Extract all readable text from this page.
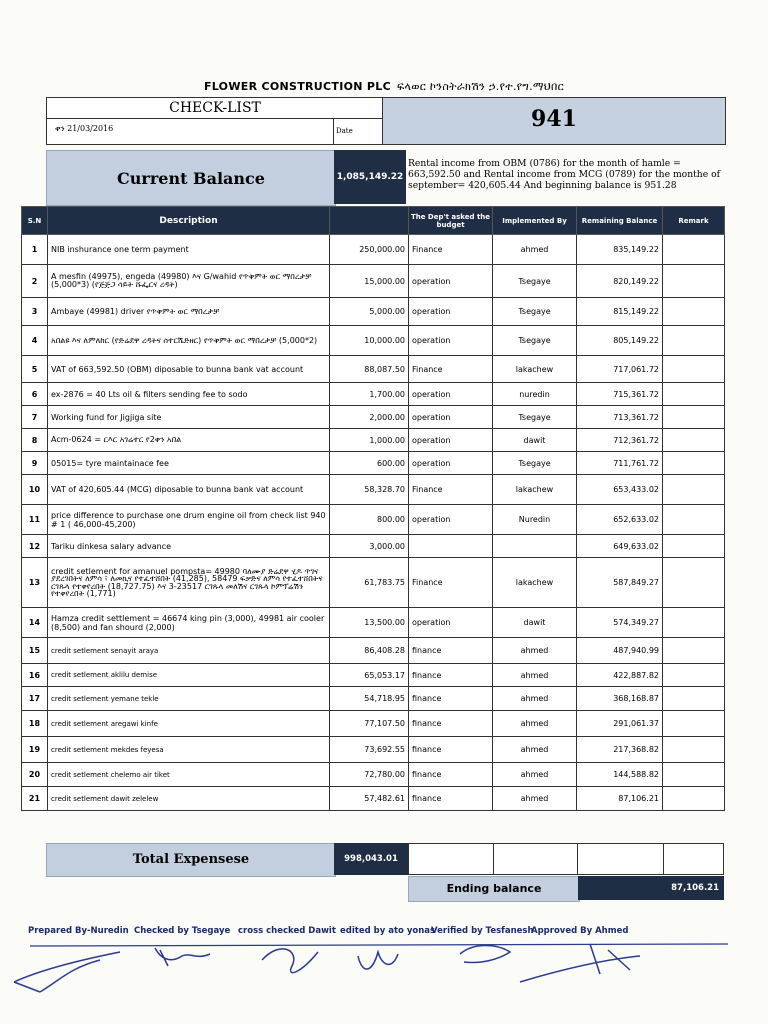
FLOWER CONSTRUCTION PLC ፍላወር ኮንስትራክሽን ኃ.የተ.የግ.ማህበር
CHECK-LIST
ቀን 21/03/2016	Date	941
Current Balance	1,085,149.22
Rental income from OBM (0786) for the month of hamle = 663,592.50 and Rental income from MCG (0789) for the monthe of september= 420,605.44 And beginning balance is 951.28
S.N	Description		The Dep't asked the budget	Implemented By	Remaining Balance	Remark
1	NIB inshurance one term payment	250,000.00	Finance	ahmed	835,149.22	
2	A mesfin (49975), engeda (49980) እና G/wahid የጥቅምት ወር ማበረታቻ (5,000*3) (የጅጅጋ ሳይት ሹፌርና ረዳት)	15,000.00	operation	Tsegaye	820,149.22	
3	Ambaye (49981) driver የጥቅምት ወር ማበረታቻ	5,000.00	operation	Tsegaye	815,149.22	
4	አበልዩ እና ለምለከር (የድሬደዋ ረዳትና ሰተርሼድዘር) የጥቅምት ወር ማበረታቻ (5,000*2)	10,000.00	operation	Tsegaye	805,149.22	
5	VAT of 663,592.50 (OBM) diposable to bunna bank vat account	88,087.50	Finance	lakachew	717,061.72	
6	ex-2876 = 40 Lts oil & filters sending fee to sodo	1,700.00	operation	nuredin	715,361.72	
7	Working fund for Jigjiga site	2,000.00	operation	Tsegaye	713,361.72	
8	Acm-0624 = ርእር አገሬተር የ2ቀን አበል	1,000.00	operation	dawit	712,361.72	
9	05015= tyre maintainace fee	600.00	operation	Tsegaye	711,761.72	
10	VAT of 420,605.44 (MCG) diposable to bunna bank vat account	58,328.70	Finance	lakachew	653,433.02	
11	price difference to purchase one drum engine oil from check list 940 # 1 ( 46,000-45,200)	800.00	operation	Nuredin	652,633.02	
12	Tariku dinkesa salary advance	3,000.00			649,633.02	
13	credit setlement for amanuel pompsta= 49980 ባለሙያ ድሬደዋ ሂዶ ጥገና ያደረገበትና ለምሳ ፣ ለመኪና የተፈተሸበት (41,285), 58479 ፍቃድና ለምሳ የተፈተሸበትና ርገጹላ የተቀየረበት (18,727.75) እና 3-23517 ርገጹላ መለሽና ርገጹላ ኮምፕሬሽን የተቀየረበት (1,771)	61,783.75	Finance	lakachew	587,849.27	
14	Hamza credit settlement = 46674 king pin (3,000), 49981 air cooler (8,500) and fan shourd (2,000)	13,500.00	operation	dawit	574,349.27	
15	credit setlement senayit araya	86,408.28	finance	ahmed	487,940.99	
16	credit setlement aklilu demise	65,053.17	finance	ahmed	422,887.82	
17	credit setlement yemane tekle	54,718.95	finance	ahmed	368,168.87	
18	credit setlement aregawi kinfe	77,107.50	finance	ahmed	291,061.37	
19	credit setlement mekdes feyesa	73,692.55	finance	ahmed	217,368.82	
20	credit setlement chelemo air tiket	72,780.00	finance	ahmed	144,588.82	
21	credit setlement dawit zelelew	57,482.61	finance	ahmed	87,106.21	
Total Expensese	998,043.01
Ending balance	87,106.21
Prepared By-Nuredin Checked by Tsegaye cross checked Dawit edited by ato yonas
Verified by Tesfanesh
Approved By Ahmed
